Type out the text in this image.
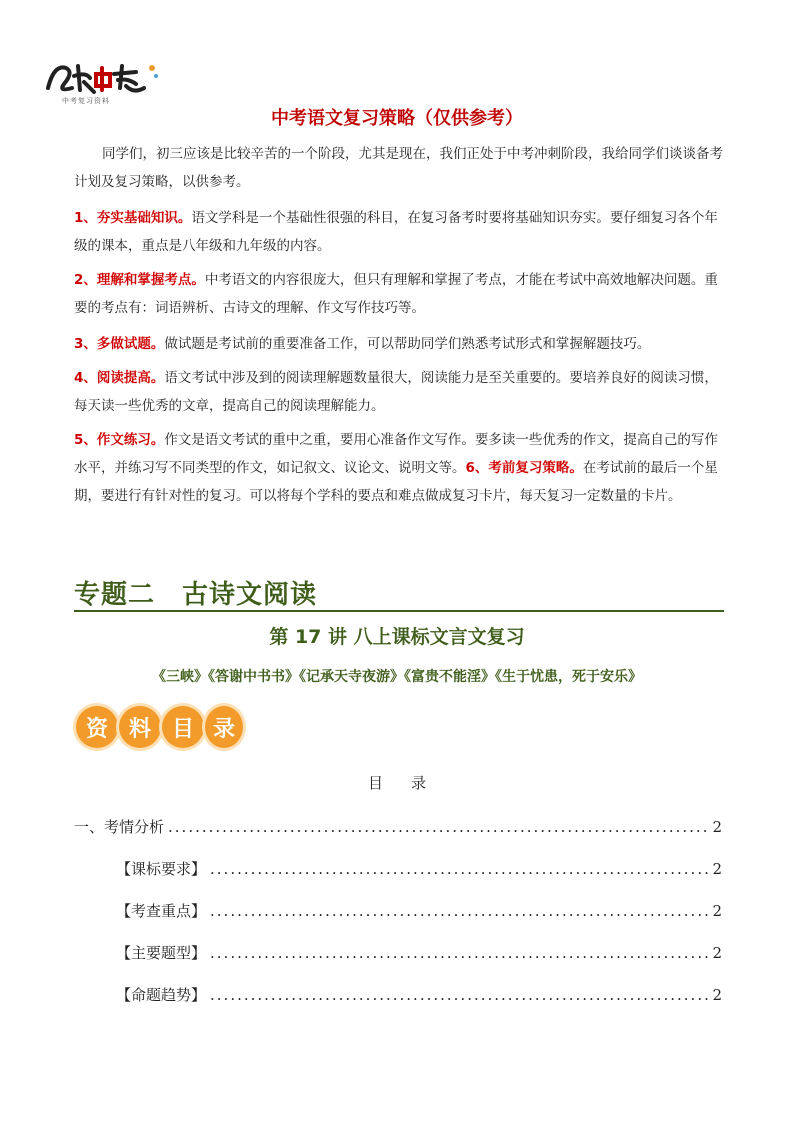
中考复习资料
中考语文复习策略（仅供参考）
同学们，初三应该是比较辛苦的一个阶段，尤其是现在，我们正处于中考冲刺阶段，我给同学们谈谈备考计划及复习策略，以供参考。
1、夯实基础知识。语文学科是一个基础性很强的科目，在复习备考时要将基础知识夯实。要仔细复习各个年级的课本，重点是八年级和九年级的内容。
2、理解和掌握考点。中考语文的内容很庞大，但只有理解和掌握了考点，才能在考试中高效地解决问题。重要的考点有：词语辨析、古诗文的理解、作文写作技巧等。
3、多做试题。做试题是考试前的重要准备工作，可以帮助同学们熟悉考试形式和掌握解题技巧。
4、阅读提高。语文考试中涉及到的阅读理解题数量很大，阅读能力是至关重要的。要培养良好的阅读习惯，每天读一些优秀的文章，提高自己的阅读理解能力。
5、作文练习。作文是语文考试的重中之重，要用心准备作文写作。要多读一些优秀的作文，提高自己的写作水平，并练习写不同类型的作文，如记叙文、议论文、说明文等。6、考前复习策略。在考试前的最后一个星期，要进行有针对性的复习。可以将每个学科的要点和难点做成复习卡片，每天复习一定数量的卡片。
专题二　古诗文阅读
第 17 讲 八上课标文言文复习
《三峡》《答谢中书书》《记承天寺夜游》《富贵不能淫》《生于忧患，死于安乐》
资 料 目 录
目录
一、考情分析 .....	2
【课标要求】 .....	2
【考查重点】 .....	2
【主要题型】 .....	2
【命题趋势】 .....	2
